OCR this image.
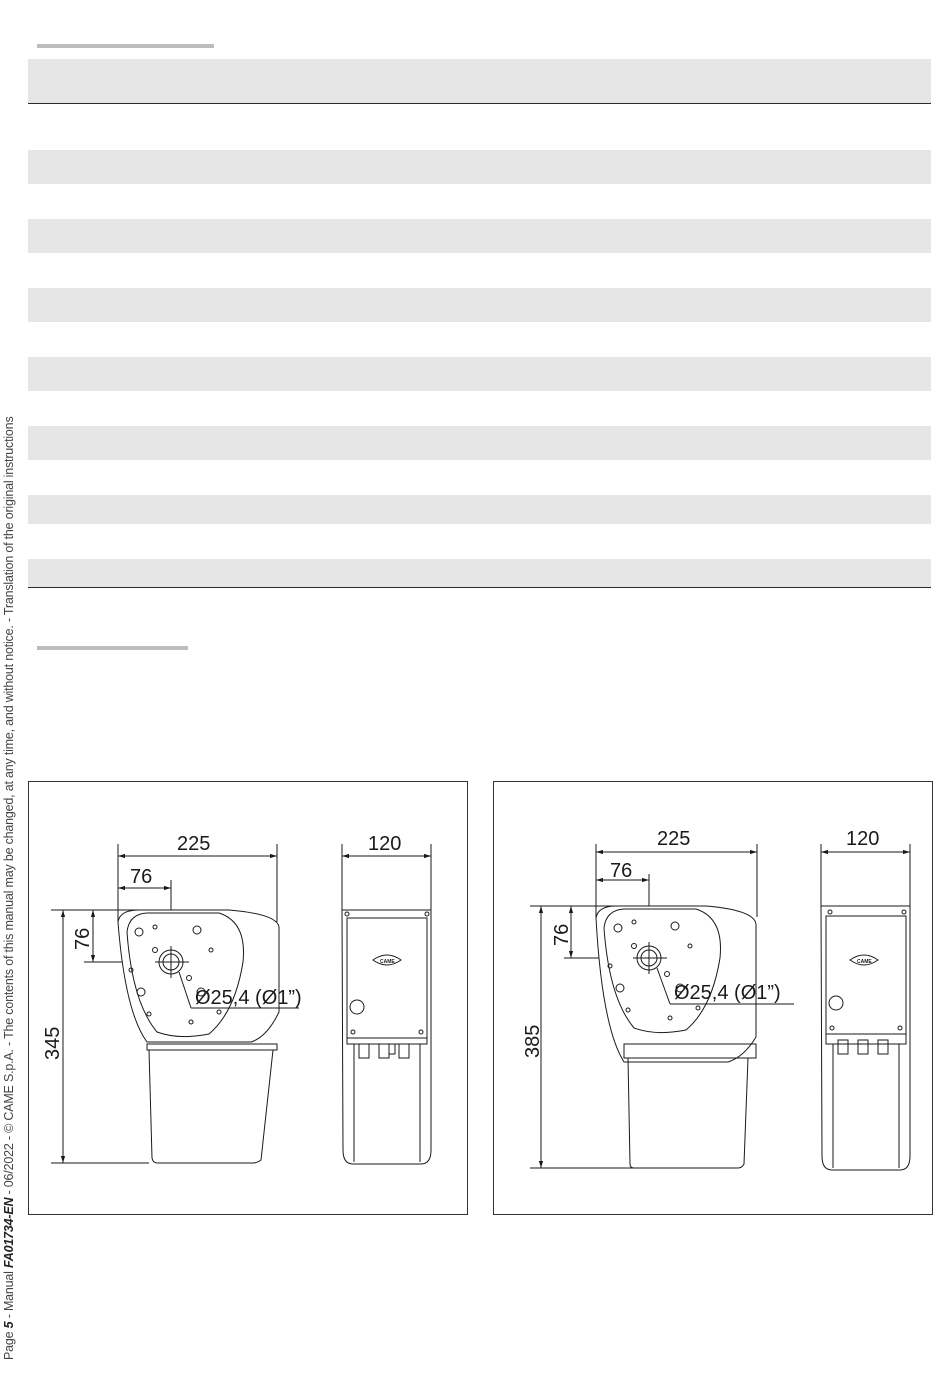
Page 5 - Manual FA01734-EN - 06/2022 - © CAME S.p.A. - The contents of this manual may be changed, at any time, and without notice. - Translation of the original instructions	CAME
225
76
120
345
76
Ø25,4 (Ø1”)
CAME
225
76
120
385
76
Ø25,4 (Ø1”)
